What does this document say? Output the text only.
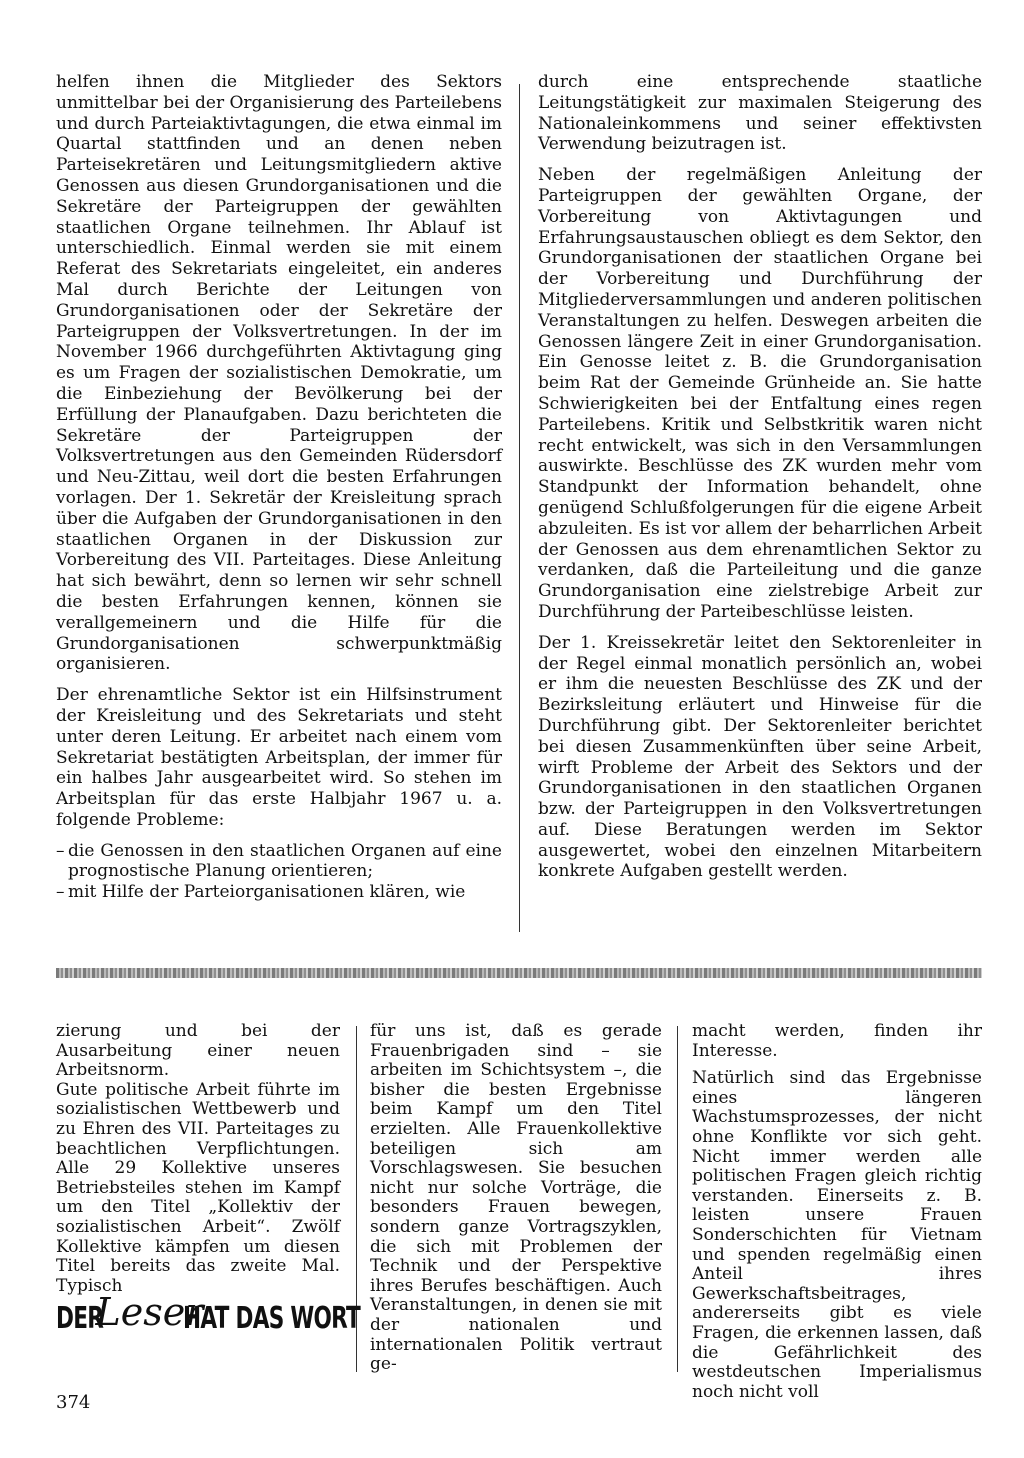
helfen ihnen die Mitglieder des Sektors unmittelbar bei der Organisierung des Parteilebens und durch Parteiaktivtagungen, die etwa einmal im Quartal stattfinden und an denen neben Parteisekretären und Leitungsmitgliedern aktive Genossen aus diesen Grundorganisationen und die Sekretäre der Parteigruppen der gewählten staatlichen Organe teilnehmen. Ihr Ablauf ist unterschiedlich. Einmal werden sie mit einem Referat des Sekretariats eingeleitet, ein anderes Mal durch Berichte der Leitungen von Grundorganisationen oder der Sekretäre der Parteigruppen der Volksvertretungen. In der im November 1966 durchgeführten Aktivtagung ging es um Fragen der sozialistischen Demokratie, um die Einbeziehung der Bevölkerung bei der Erfüllung der Planaufgaben. Dazu berichteten die Sekretäre der Parteigruppen der Volksvertretungen aus den Gemeinden Rüdersdorf und Neu-Zittau, weil dort die besten Erfahrungen vorlagen. Der 1. Sekretär der Kreisleitung sprach über die Aufgaben der Grundorganisationen in den staatlichen Organen in der Diskussion zur Vorbereitung des VII. Parteitages. Diese Anleitung hat sich bewährt, denn so lernen wir sehr schnell die besten Erfahrungen kennen, können sie verallgemeinern und die Hilfe für die Grundorganisationen schwerpunktmäßig organisieren.

Der ehrenamtliche Sektor ist ein Hilfsinstrument der Kreisleitung und des Sekretariats und steht unter deren Leitung. Er arbeitet nach einem vom Sekretariat bestätigten Arbeitsplan, der immer für ein halbes Jahr ausgearbeitet wird. So stehen im Arbeitsplan für das erste Halbjahr 1967 u. a. folgende Probleme:

– die Genossen in den staatlichen Organen auf eine prognostische Planung orientieren;
– mit Hilfe der Parteiorganisationen klären, wie

durch eine entsprechende staatliche Leitungstätigkeit zur maximalen Steigerung des Nationaleinkommens und seiner effektivsten Verwendung beizutragen ist.

Neben der regelmäßigen Anleitung der Parteigruppen der gewählten Organe, der Vorbereitung von Aktivtagungen und Erfahrungsaustauschen obliegt es dem Sektor, den Grundorganisationen der staatlichen Organe bei der Vorbereitung und Durchführung der Mitgliederversammlungen und anderen politischen Veranstaltungen zu helfen. Deswegen arbeiten die Genossen längere Zeit in einer Grundorganisation. Ein Genosse leitet z. B. die Grundorganisation beim Rat der Gemeinde Grünheide an. Sie hatte Schwierigkeiten bei der Entfaltung eines regen Parteilebens. Kritik und Selbstkritik waren nicht recht entwickelt, was sich in den Versammlungen auswirkte. Beschlüsse des ZK wurden mehr vom Standpunkt der Information behandelt, ohne genügend Schlußfolgerungen für die eigene Arbeit abzuleiten. Es ist vor allem der beharrlichen Arbeit der Genossen aus dem ehrenamtlichen Sektor zu verdanken, daß die Parteileitung und die ganze Grundorganisation eine zielstrebige Arbeit zur Durchführung der Parteibeschlüsse leisten.

Der 1. Kreissekretär leitet den Sektorenleiter in der Regel einmal monatlich persönlich an, wobei er ihm die neuesten Beschlüsse des ZK und der Bezirksleitung erläutert und Hinweise für die Durchführung gibt. Der Sektorenleiter berichtet bei diesen Zusammenkünften über seine Arbeit, wirft Probleme der Arbeit des Sektors und der Grundorganisationen in den staatlichen Organen bzw. der Parteigruppen in den Volksvertretungen auf. Diese Beratungen werden im Sektor ausgewertet, wobei den einzelnen Mitarbeitern konkrete Aufgaben gestellt werden.

zierung und bei der Ausarbeitung einer neuen Arbeitsnorm.

Gute politische Arbeit führte im sozialistischen Wettbewerb und zu Ehren des VII. Parteitages zu beachtlichen Verpflichtungen. Alle 29 Kollektive unseres Betriebsteiles stehen im Kampf um den Titel „Kollektiv der sozialistischen Arbeit“. Zwölf Kollektive kämpfen um diesen Titel bereits das zweite Mal. Typisch

für uns ist, daß es gerade Frauenbrigaden sind – sie arbeiten im Schichtsystem –, die bisher die besten Ergebnisse beim Kampf um den Titel erzielten. Alle Frauenkollektive beteiligen sich am Vorschlagswesen. Sie besuchen nicht nur solche Vorträge, die besonders Frauen bewegen, sondern ganze Vortragszyklen, die sich mit Problemen der Technik und der Perspektive ihres Berufes beschäftigen. Auch Veranstaltungen, in denen sie mit der nationalen und internationalen Politik vertraut ge-

macht werden, finden ihr Interesse.

Natürlich sind das Ergebnisse eines längeren Wachstumsprozesses, der nicht ohne Konflikte vor sich geht. Nicht immer werden alle politischen Fragen gleich richtig verstanden. Einerseits z. B. leisten unsere Frauen Sonderschichten für Vietnam und spenden regelmäßig einen Anteil ihres Gewerkschaftsbeitrages, andererseits gibt es viele Fragen, die erkennen lassen, daß die Gefährlichkeit des westdeutschen Imperialismus noch nicht voll

DER
Leser
HAT DAS WORT
374
